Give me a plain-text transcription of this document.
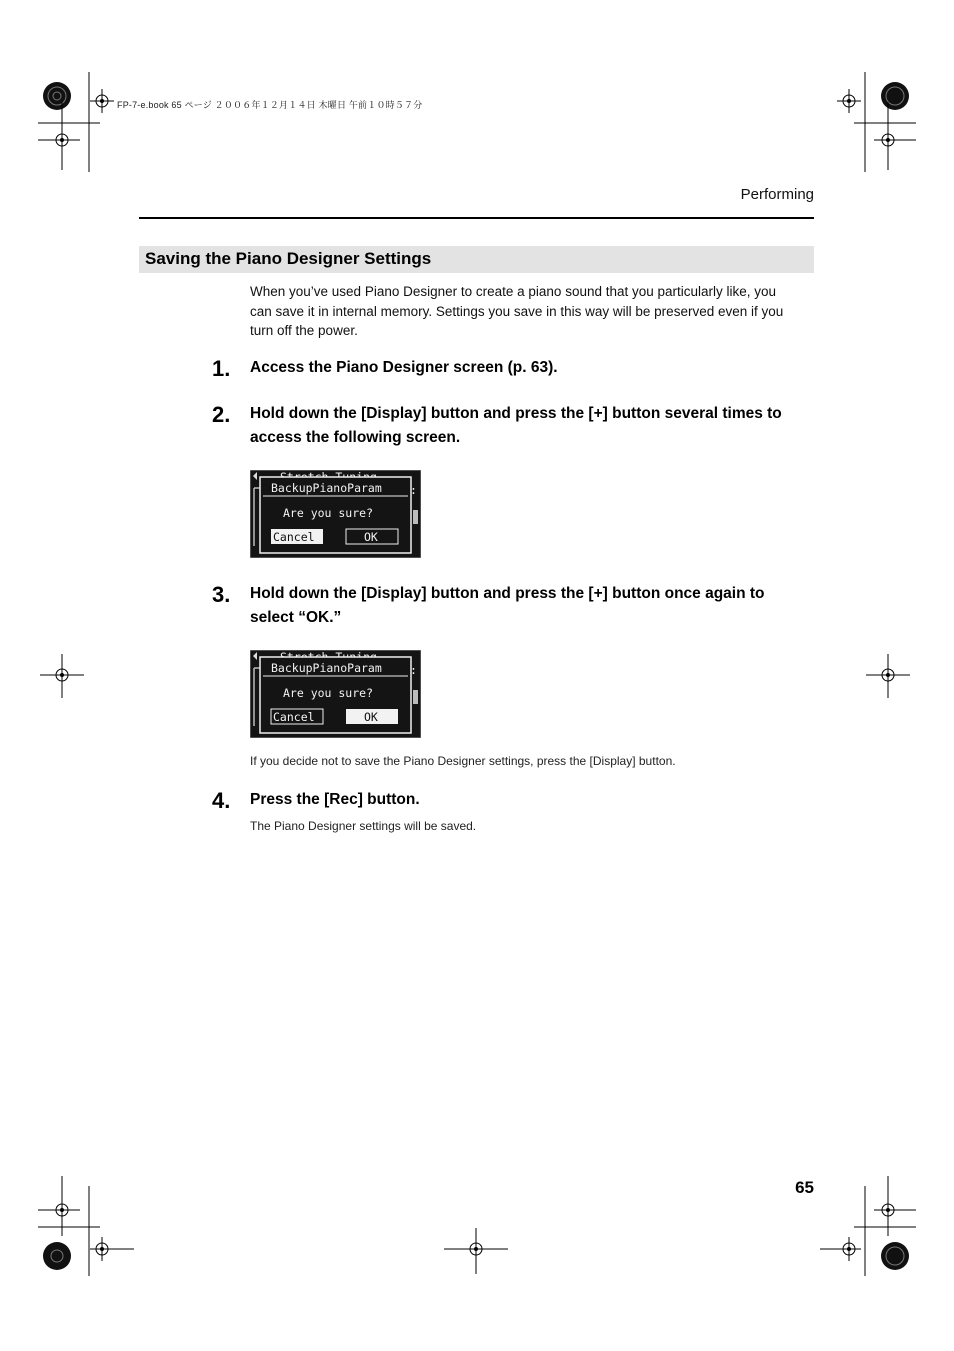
FP-7-e.book 65 ページ ２００６年１２月１４日 木曜日 午前１０時５７分
Performing
Saving the Piano Designer Settings
When you’ve used Piano Designer to create a piano sound that you particularly like, you can save it in internal memory. Settings you save in this way will be preserved even if you turn off the power.
1. Access the Piano Designer screen (p. 63).
2. Hold down the [Display] button and press the [+] button several times to access the following screen.
BackupPianoParam
Are you sure?
Cancel	OK
:
3. Hold down the [Display] button and press the [+] button once again to select “OK.”
BackupPianoParam
Are you sure?
Cancel	OK
:
If you decide not to save the Piano Designer settings, press the [Display] button.
4. Press the [Rec] button.
The Piano Designer settings will be saved.
65
